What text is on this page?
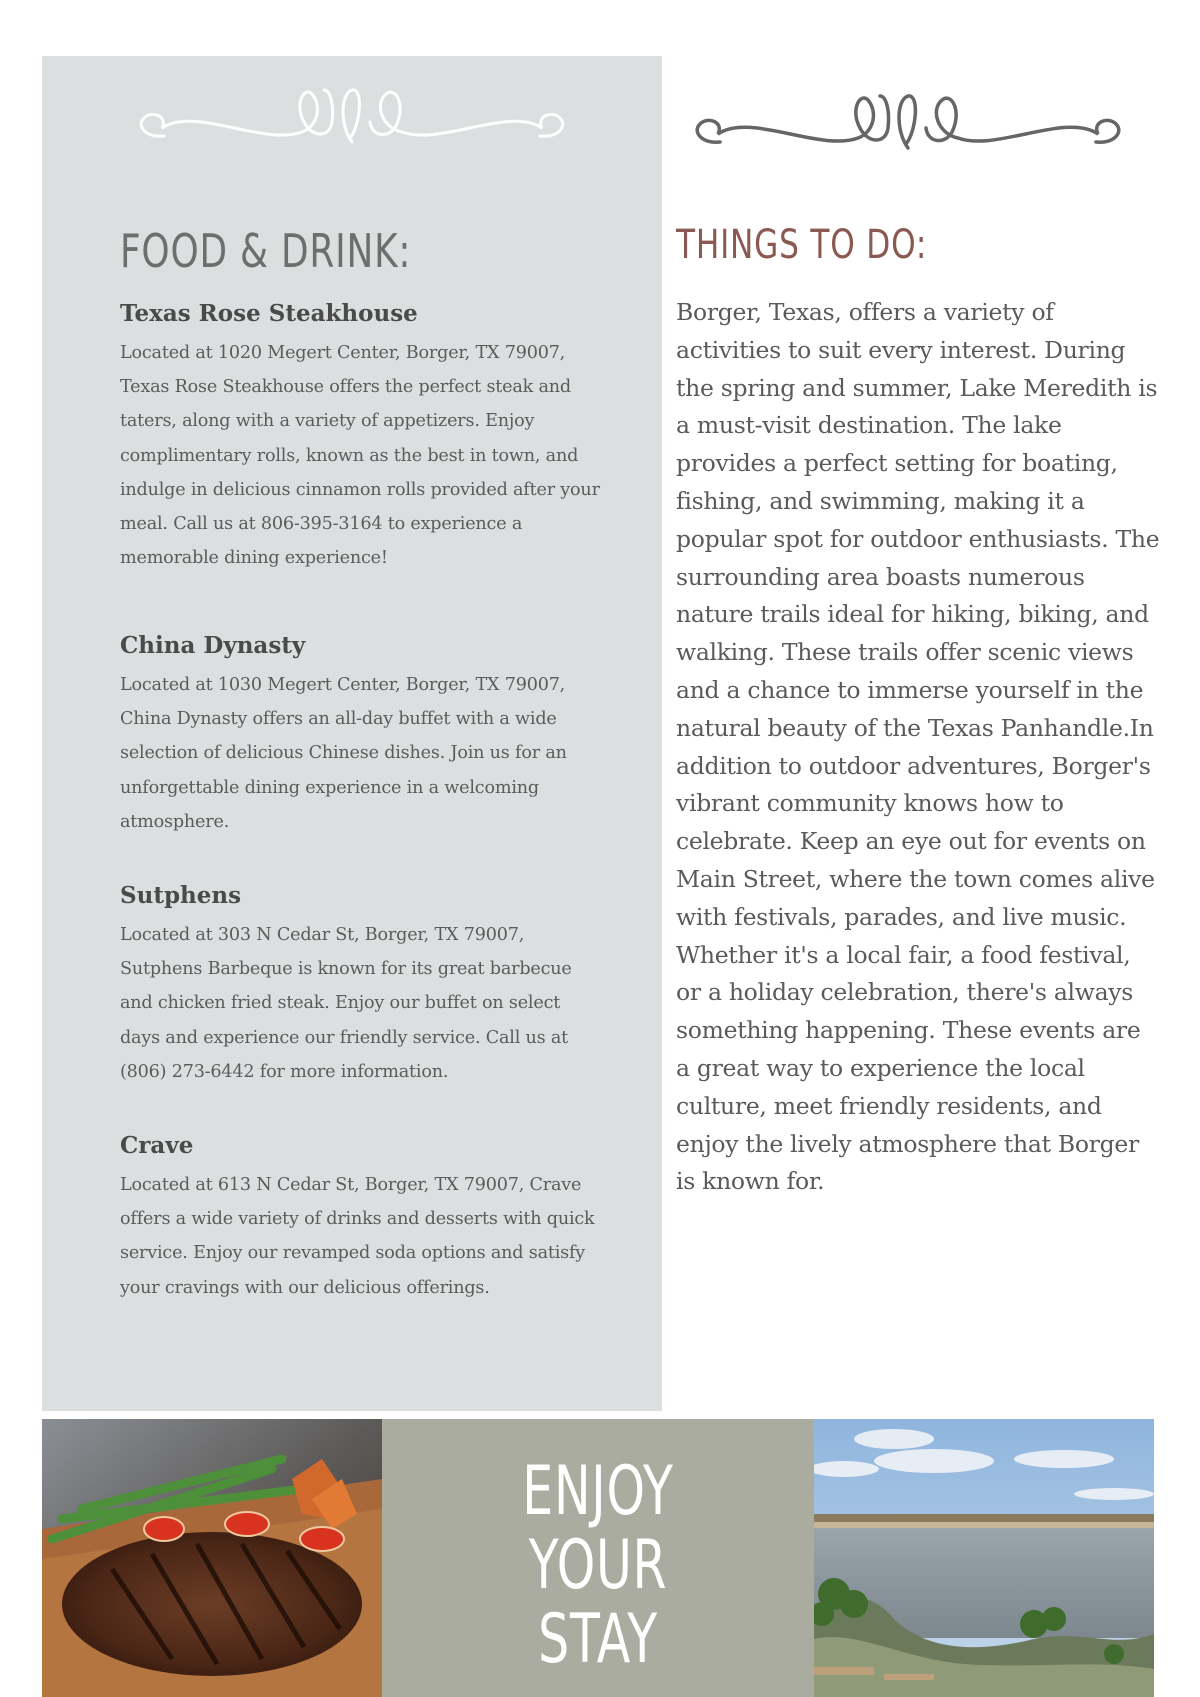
FOOD & DRINK:
Texas Rose Steakhouse

Located at 1020 Megert Center, Borger, TX 79007, Texas Rose Steakhouse offers the perfect steak and taters, along with a variety of appetizers. Enjoy complimentary rolls, known as the best in town, and indulge in delicious cinnamon rolls provided after your meal. Call us at 806-395-3164 to experience a memorable dining experience!

China Dynasty

Located at 1030 Megert Center, Borger, TX 79007, China Dynasty offers an all-day buffet with a wide selection of delicious Chinese dishes. Join us for an unforgettable dining experience in a welcoming atmosphere.

Sutphens

Located at 303 N Cedar St, Borger, TX 79007, Sutphens Barbeque is known for its great barbecue and chicken fried steak. Enjoy our buffet on select days and experience our friendly service. Call us at (806) 273-6442 for more information.

Crave

Located at 613 N Cedar St, Borger, TX 79007, Crave offers a wide variety of drinks and desserts with quick service. Enjoy our revamped soda options and satisfy your cravings with our delicious offerings.

THINGS TO DO:

Borger, Texas, offers a variety of activities to suit every interest. During the spring and summer, Lake Meredith is a must-visit destination. The lake provides a perfect setting for boating, fishing, and swimming, making it a popular spot for outdoor enthusiasts. The surrounding area boasts numerous nature trails ideal for hiking, biking, and walking. These trails offer scenic views and a chance to immerse yourself in the natural beauty of the Texas Panhandle.In addition to outdoor adventures, Borger's vibrant community knows how to celebrate. Keep an eye out for events on Main Street, where the town comes alive with festivals, parades, and live music. Whether it's a local fair, a food festival, or a holiday celebration, there's always something happening. These events are a great way to experience the local culture, meet friendly residents, and enjoy the lively atmosphere that Borger is known for.

ENJOY
YOUR
STAY
